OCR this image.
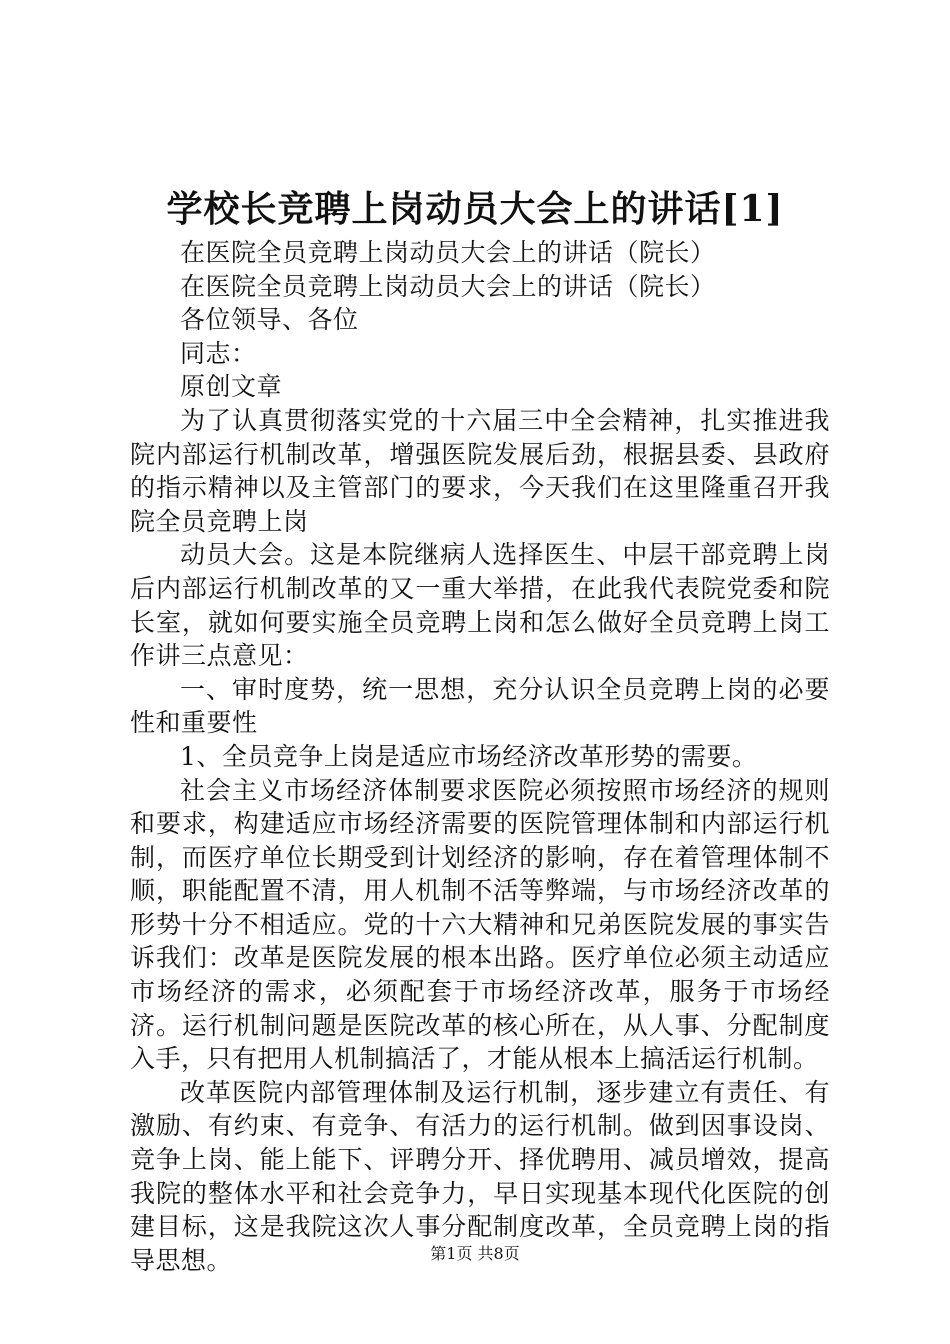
学校长竞聘上岗动员大会上的讲话[1]

在医院全员竞聘上岗动员大会上的讲话（院长）

在医院全员竞聘上岗动员大会上的讲话（院长）

各位领导、各位

同志：

原创文章

为了认真贯彻落实党的十六届三中全会精神，扎实推进我院内部运行机制改革，增强医院发展后劲，根据县委、县政府的指示精神以及主管部门的要求，今天我们在这里隆重召开我院全员竞聘上岗

动员大会。这是本院继病人选择医生、中层干部竞聘上岗后内部运行机制改革的又一重大举措，在此我代表院党委和院长室，就如何要实施全员竞聘上岗和怎么做好全员竞聘上岗工作讲三点意见：

一、审时度势，统一思想，充分认识全员竞聘上岗的必要性和重要性

1、全员竞争上岗是适应市场经济改革形势的需要。

社会主义市场经济体制要求医院必须按照市场经济的规则和要求，构建适应市场经济需要的医院管理体制和内部运行机制，而医疗单位长期受到计划经济的影响，存在着管理体制不顺，职能配置不清，用人机制不活等弊端，与市场经济改革的形势十分不相适应。党的十六大精神和兄弟医院发展的事实告诉我们：改革是医院发展的根本出路。医疗单位必须主动适应市场经济的需求，必须配套于市场经济改革，服务于市场经济。运行机制问题是医院改革的核心所在，从人事、分配制度入手，只有把用人机制搞活了，才能从根本上搞活运行机制。

改革医院内部管理体制及运行机制，逐步建立有责任、有激励、有约束、有竞争、有活力的运行机制。做到因事设岗、竞争上岗、能上能下、评聘分开、择优聘用、减员增效，提高我院的整体水平和社会竞争力，早日实现基本现代化医院的创建目标，这是我院这次人事分配制度改革，全员竞聘上岗的指导思想。	第1页 共8页
